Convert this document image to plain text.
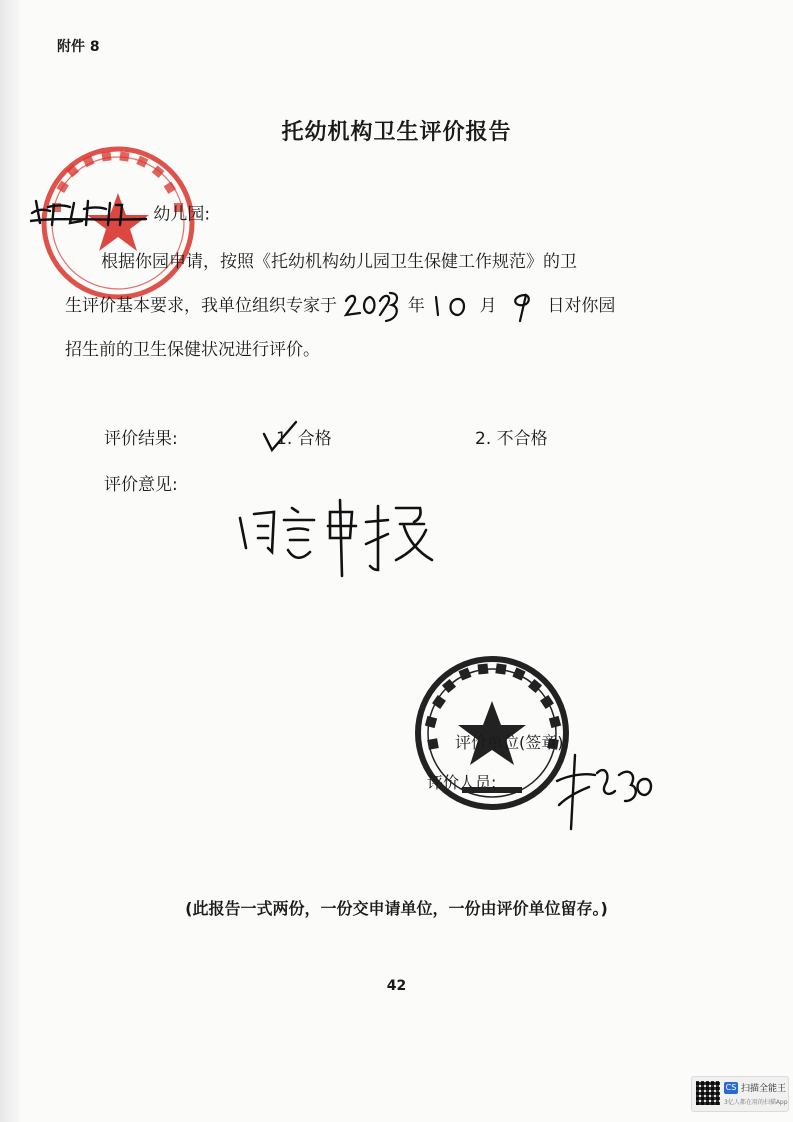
附件 8
托幼机构卫生评价报告
幼儿园:
根据你园申请，按照《托幼机构幼儿园卫生保健工作规范》的卫
生评价基本要求，我单位组织专家于	年	月	日对你园
招生前的卫生保健状况进行评价。
评价结果:	1. 合格	2. 不合格
评价意见:
评价单位(签章):
评价人员:
(此报告一式两份，一份交申请单位，一份由评价单位留存。)
42
CS 扫描全能王
3亿人都在用的扫描App
